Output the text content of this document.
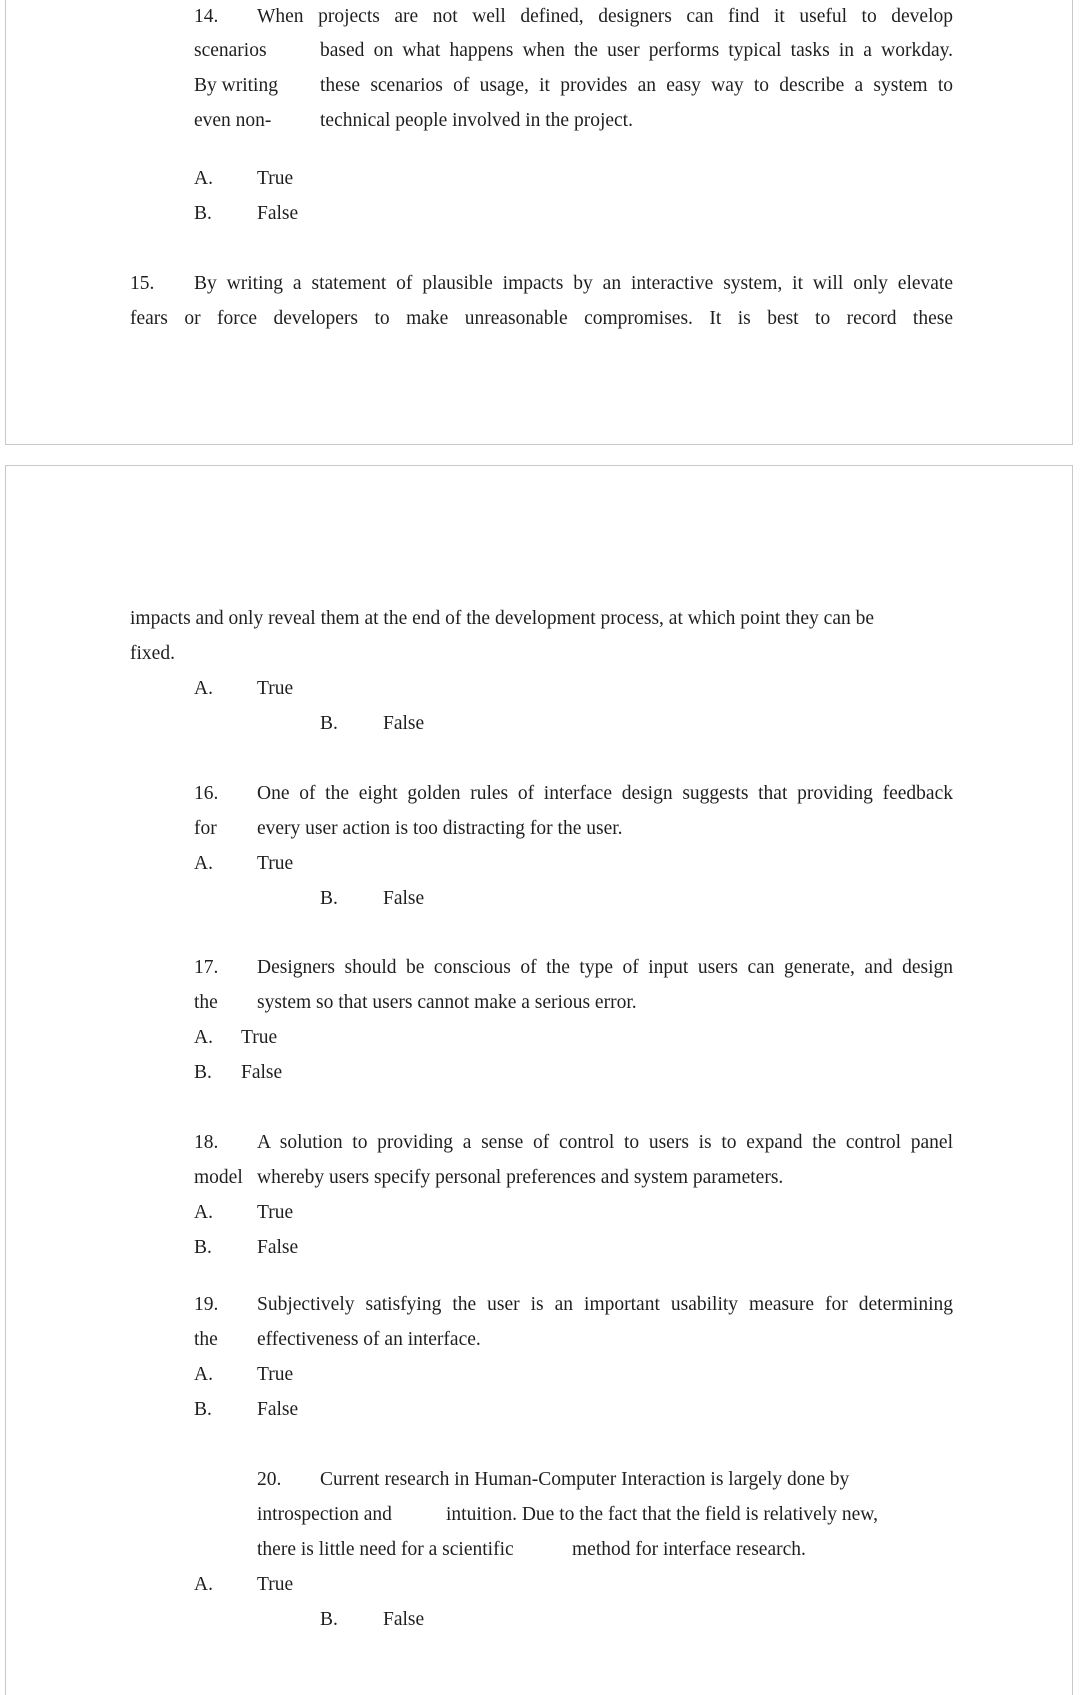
14. When projects are not well defined, designers can find it useful to develop

scenarios	based on what happens when the user performs typical tasks in a workday.

By writing these scenarios of usage, it provides an easy way to describe a system to

even non- technical people involved in the project.

A. True

B. False

15. By writing a statement of plausible impacts by an interactive system, it will only elevate

fears or force developers to make unreasonable compromises. It is best to record these

impacts and only reveal them at the end of the development process, at which point they can be

fixed.

A. True

B. False

16. One of the eight golden rules of interface design suggests that providing feedback

for every user action is too distracting for the user.

A. True

B. False

17. Designers should be conscious of the type of input users can generate, and design

the system so that users cannot make a serious error.

A. True

B. False

18. A solution to providing a sense of control to users is to expand the control panel

model whereby users specify personal preferences and system parameters.

A. True

B. False

19. Subjectively satisfying the user is an important usability measure for determining

the effectiveness of an interface.

A. True

B. False

20. Current research in Human-Computer Interaction is largely done by

introspection and	intuition. Due to the fact that the field is relatively new,

there is little need for a scientific	method for interface research.

A. True

B. False
